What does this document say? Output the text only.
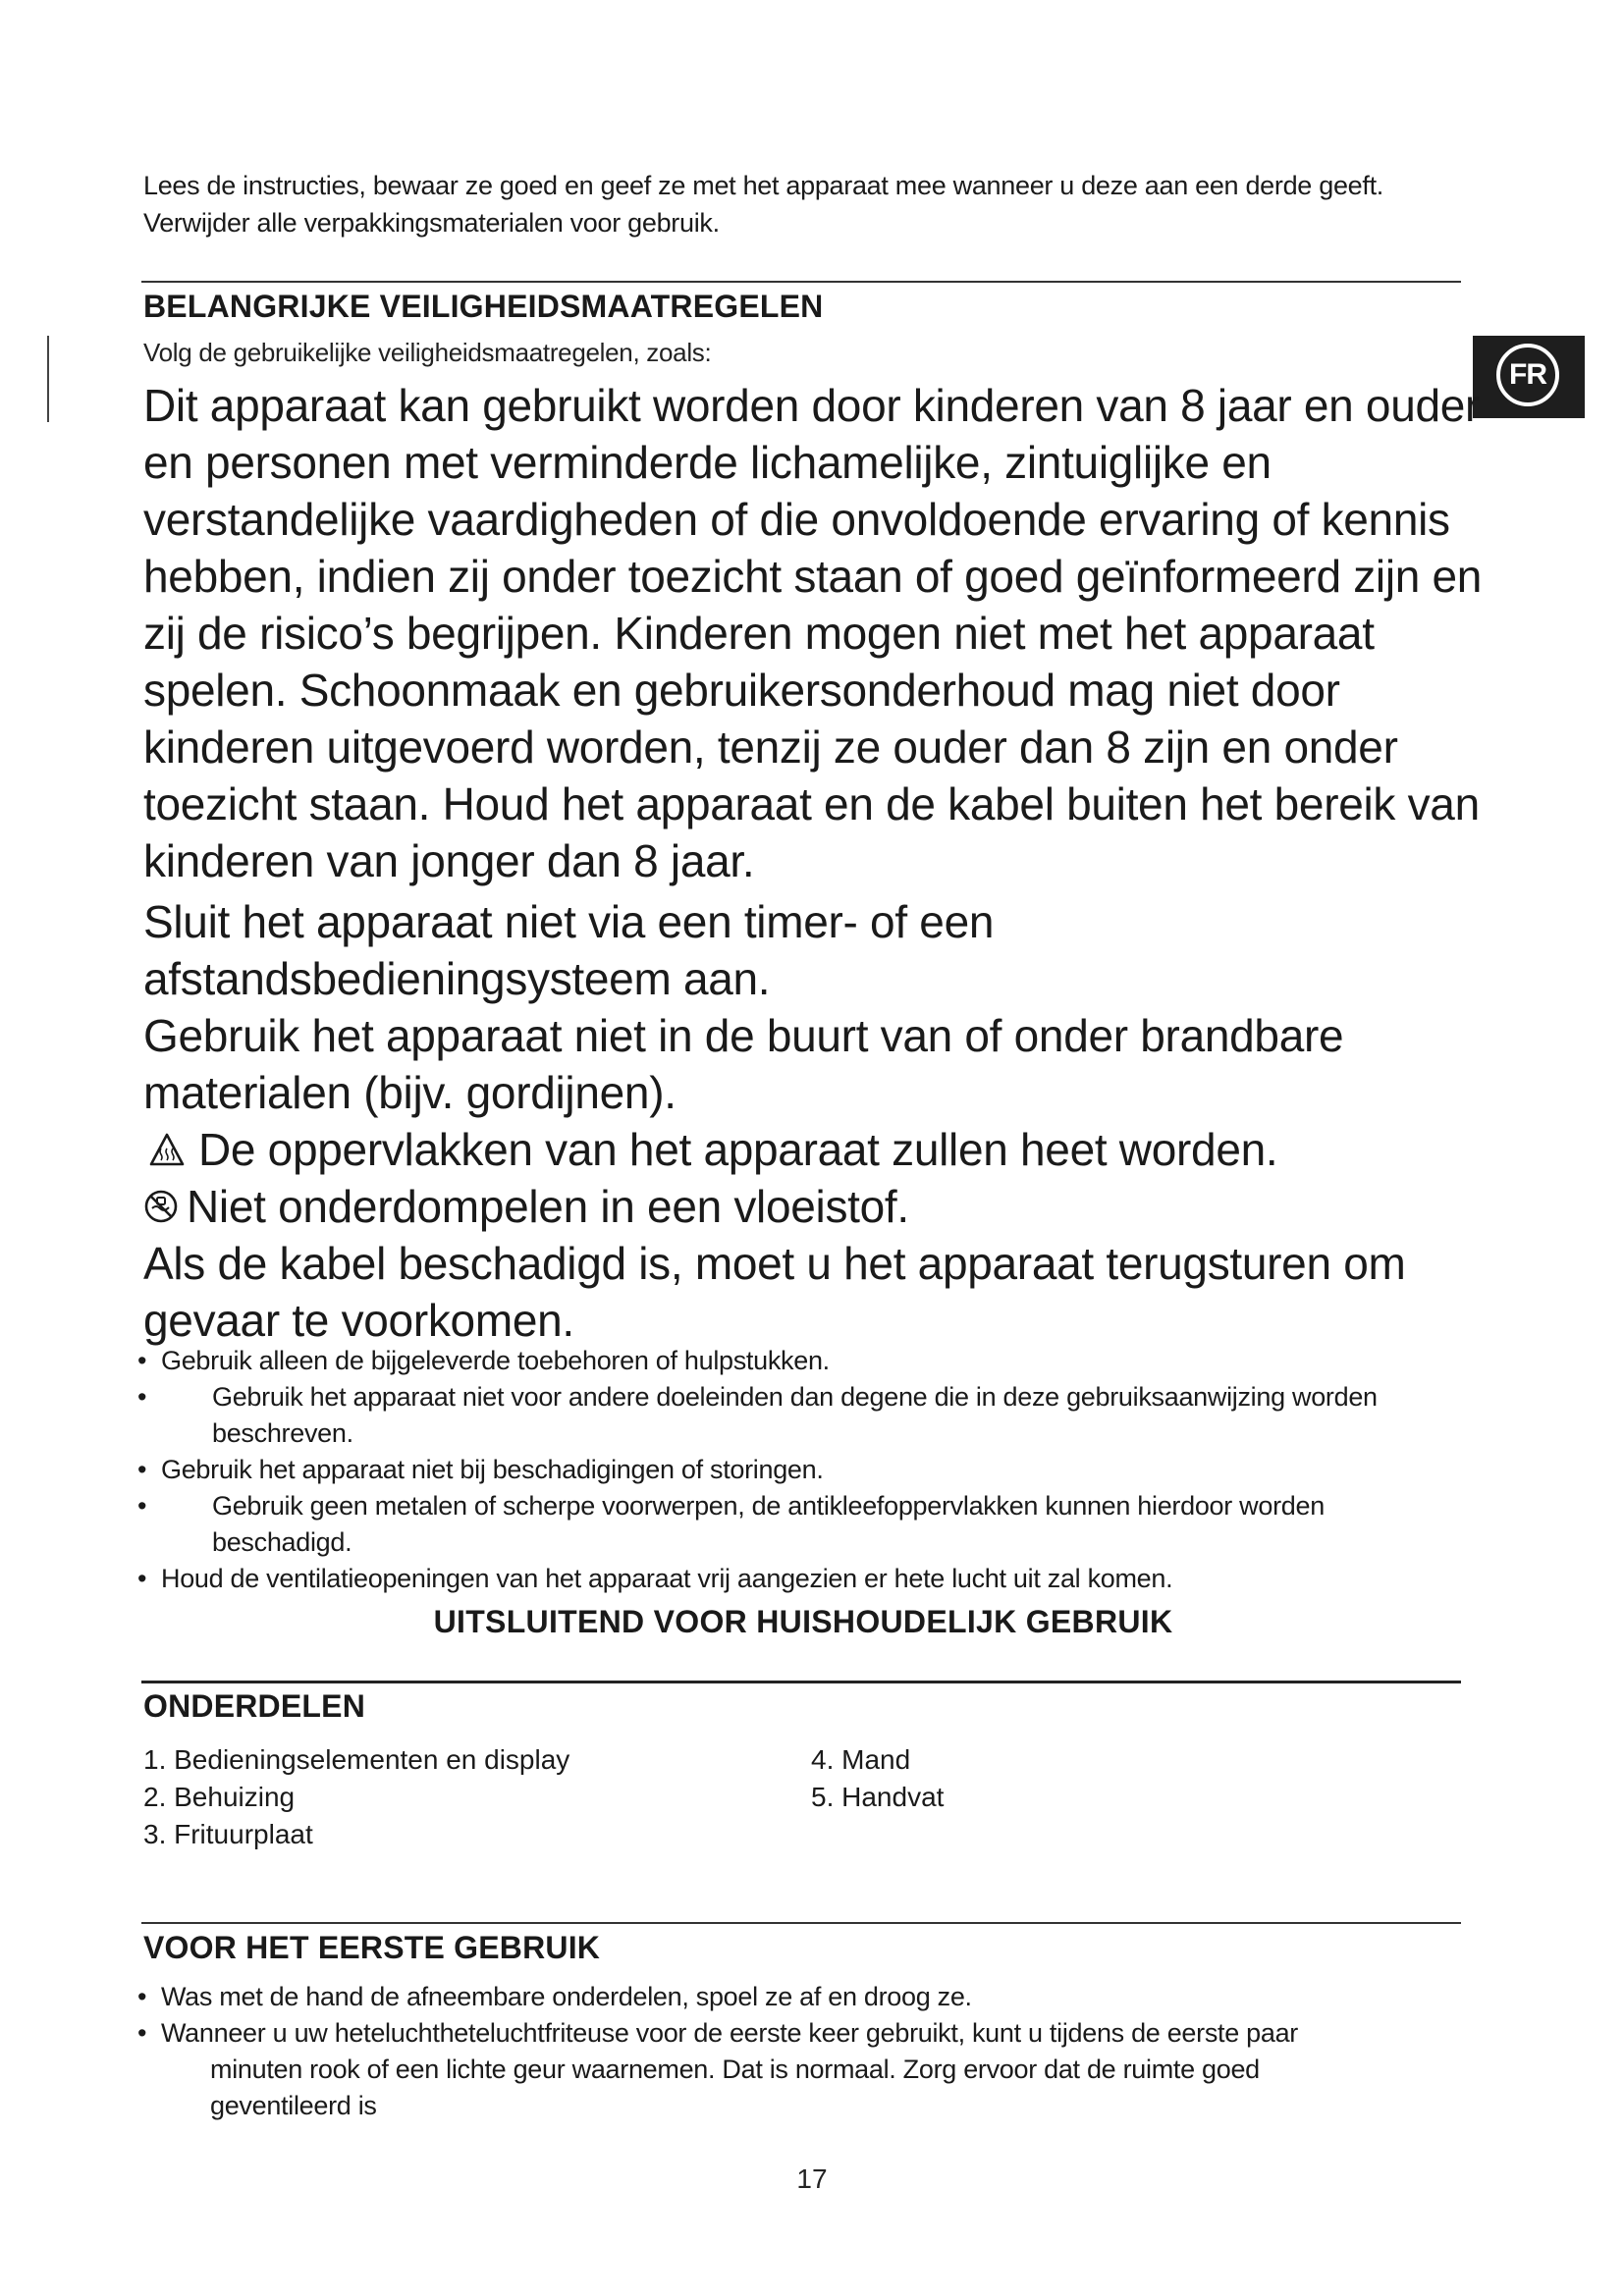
Lees de instructies, bewaar ze goed en geef ze met het apparaat mee wanneer u deze aan een derde geeft. Verwijder alle verpakkingsmaterialen voor gebruik.
BELANGRIJKE VEILIGHEIDSMAATREGELEN
Volg de gebruikelijke veiligheidsmaatregelen, zoals:
FR

Dit apparaat kan gebruikt worden door kinderen van 8 jaar en ouder en personen met verminderde lichamelijke, zintuiglijke en verstandelijke vaardigheden of die onvoldoende ervaring of kennis hebben, indien zij onder toezicht staan of goed geïnformeerd zijn en zij de risico’s begrijpen. Kinderen mogen niet met het apparaat spelen. Schoonmaak en gebruikersonderhoud mag niet door kinderen uitgevoerd worden, tenzij ze ouder dan 8 zijn en onder toezicht staan. Houd het apparaat en de kabel buiten het bereik van kinderen van jonger dan 8 jaar.

Sluit het apparaat niet via een timer- of een afstandsbedieningsysteem aan.

Gebruik het apparaat niet in de buurt van of onder brandbare materialen (bijv. gordijnen).

De oppervlakken van het apparaat zullen heet worden.

Niet onderdompelen in een vloeistof.

Als de kabel beschadigd is, moet u het apparaat terugsturen om gevaar te voorkomen.

• Gebruik alleen de bijgeleverde toebehoren of hulpstukken.
• Gebruik het apparaat niet voor andere doeleinden dan degene die in deze gebruiksaanwijzing worden beschreven.
• Gebruik het apparaat niet bij beschadigingen of storingen.
• Gebruik geen metalen of scherpe voorwerpen, de antikleefoppervlakken kunnen hierdoor worden beschadigd.
• Houd de ventilatieopeningen van het apparaat vrij aangezien er hete lucht uit zal komen.
UITSLUITEND VOOR HUISHOUDELIJK GEBRUIK
ONDERDELEN
1. Bedieningselementen en display
2. Behuizing
3. Frituurplaat
4. Mand
5. Handvat
VOOR HET EERSTE GEBRUIK
• Was met de hand de afneembare onderdelen, spoel ze af en droog ze.
• Wanneer u uw heteluchtheteluchtfriteuse voor de eerste keer gebruikt, kunt u tijdens de eerste paar
minuten rook of een lichte geur waarnemen. Dat is normaal. Zorg ervoor dat de ruimte goed
geventileerd is
17
